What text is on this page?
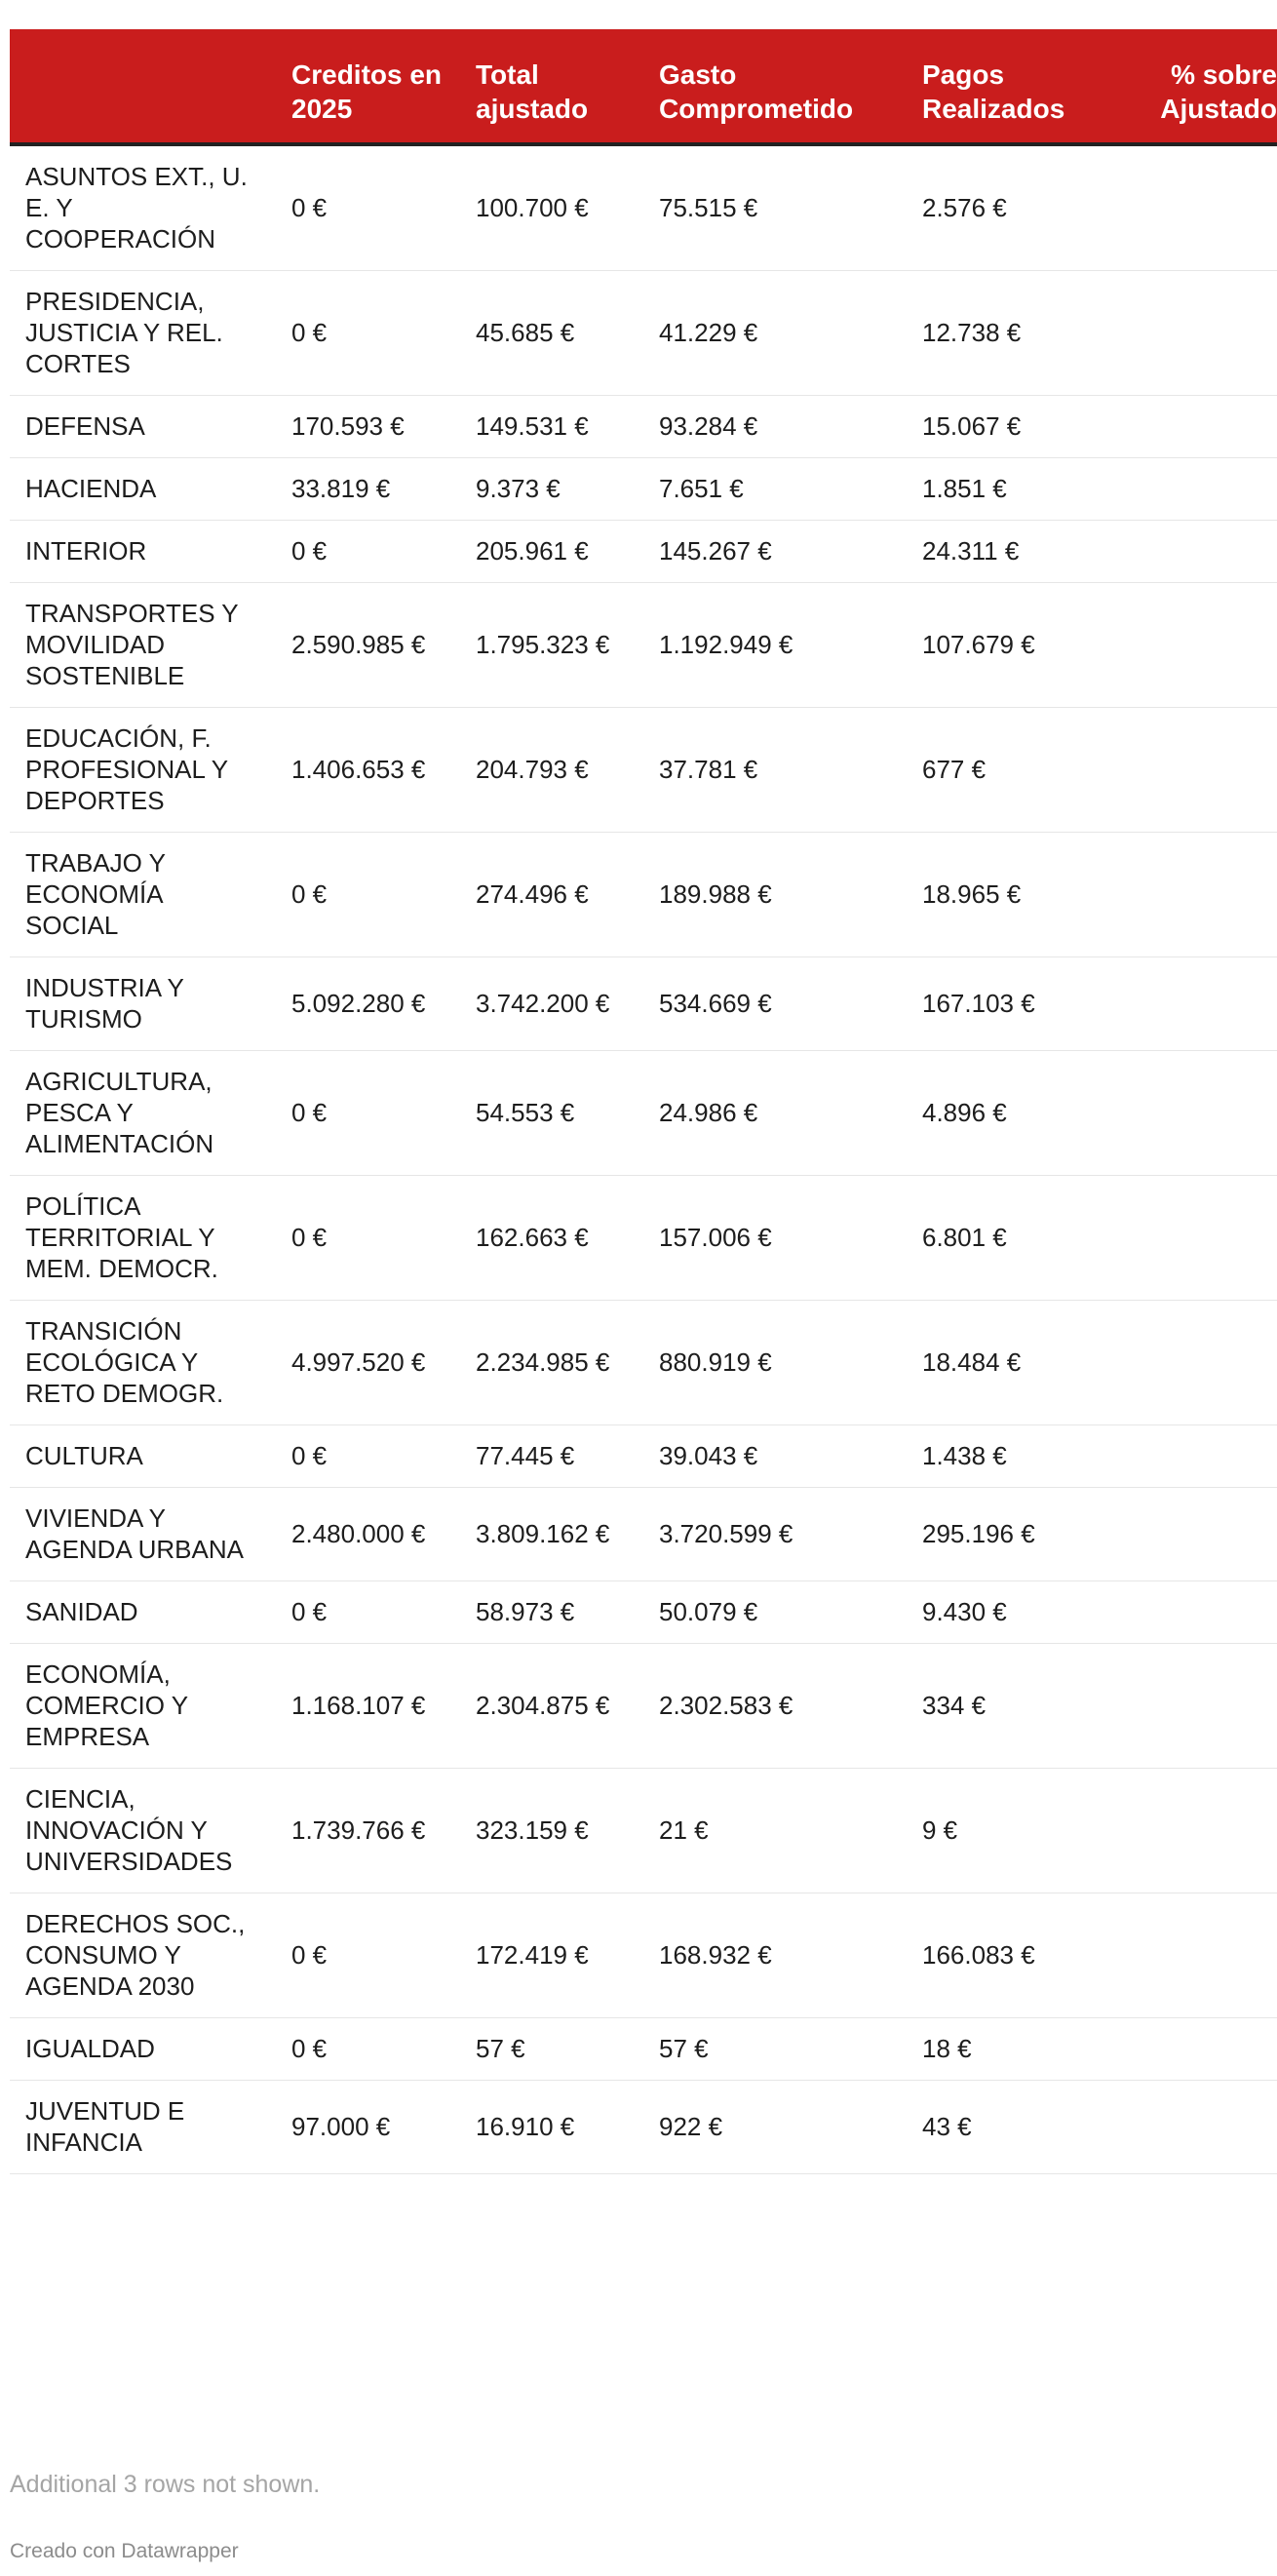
	Creditos en 2025	Total ajustado	Gasto Comprometido	Pagos Realizados	% sobre Ajustado
ASUNTOS EXT., U. E. Y COOPERACIÓN	0 €	100.700 €	75.515 €	2.576 €	
PRESIDENCIA, JUSTICIA Y REL. CORTES	0 €	45.685 €	41.229 €	12.738 €	
DEFENSA	170.593 €	149.531 €	93.284 €	15.067 €	
HACIENDA	33.819 €	9.373 €	7.651 €	1.851 €	
INTERIOR	0 €	205.961 €	145.267 €	24.311 €	
TRANSPORTES Y MOVILIDAD SOSTENIBLE	2.590.985 €	1.795.323 €	1.192.949 €	107.679 €	
EDUCACIÓN, F. PROFESIONAL Y DEPORTES	1.406.653 €	204.793 €	37.781 €	677 €	
TRABAJO Y ECONOMÍA SOCIAL	0 €	274.496 €	189.988 €	18.965 €	
INDUSTRIA Y TURISMO	5.092.280 €	3.742.200 €	534.669 €	167.103 €	
AGRICULTURA, PESCA Y ALIMENTACIÓN	0 €	54.553 €	24.986 €	4.896 €	
POLÍTICA TERRITORIAL Y MEM. DEMOCR.	0 €	162.663 €	157.006 €	6.801 €	
TRANSICIÓN ECOLÓGICA Y RETO DEMOGR.	4.997.520 €	2.234.985 €	880.919 €	18.484 €	
CULTURA	0 €	77.445 €	39.043 €	1.438 €	
VIVIENDA Y AGENDA URBANA	2.480.000 €	3.809.162 €	3.720.599 €	295.196 €	
SANIDAD	0 €	58.973 €	50.079 €	9.430 €	
ECONOMÍA, COMERCIO Y EMPRESA	1.168.107 €	2.304.875 €	2.302.583 €	334 €	
CIENCIA, INNOVACIÓN Y UNIVERSIDADES	1.739.766 €	323.159 €	21 €	9 €	
DERECHOS SOC., CONSUMO Y AGENDA 2030	0 €	172.419 €	168.932 €	166.083 €	
IGUALDAD	0 €	57 €	57 €	18 €	
JUVENTUD E INFANCIA	97.000 €	16.910 €	922 €	43 €	
Additional 3 rows not shown.
Creado con Datawrapper
